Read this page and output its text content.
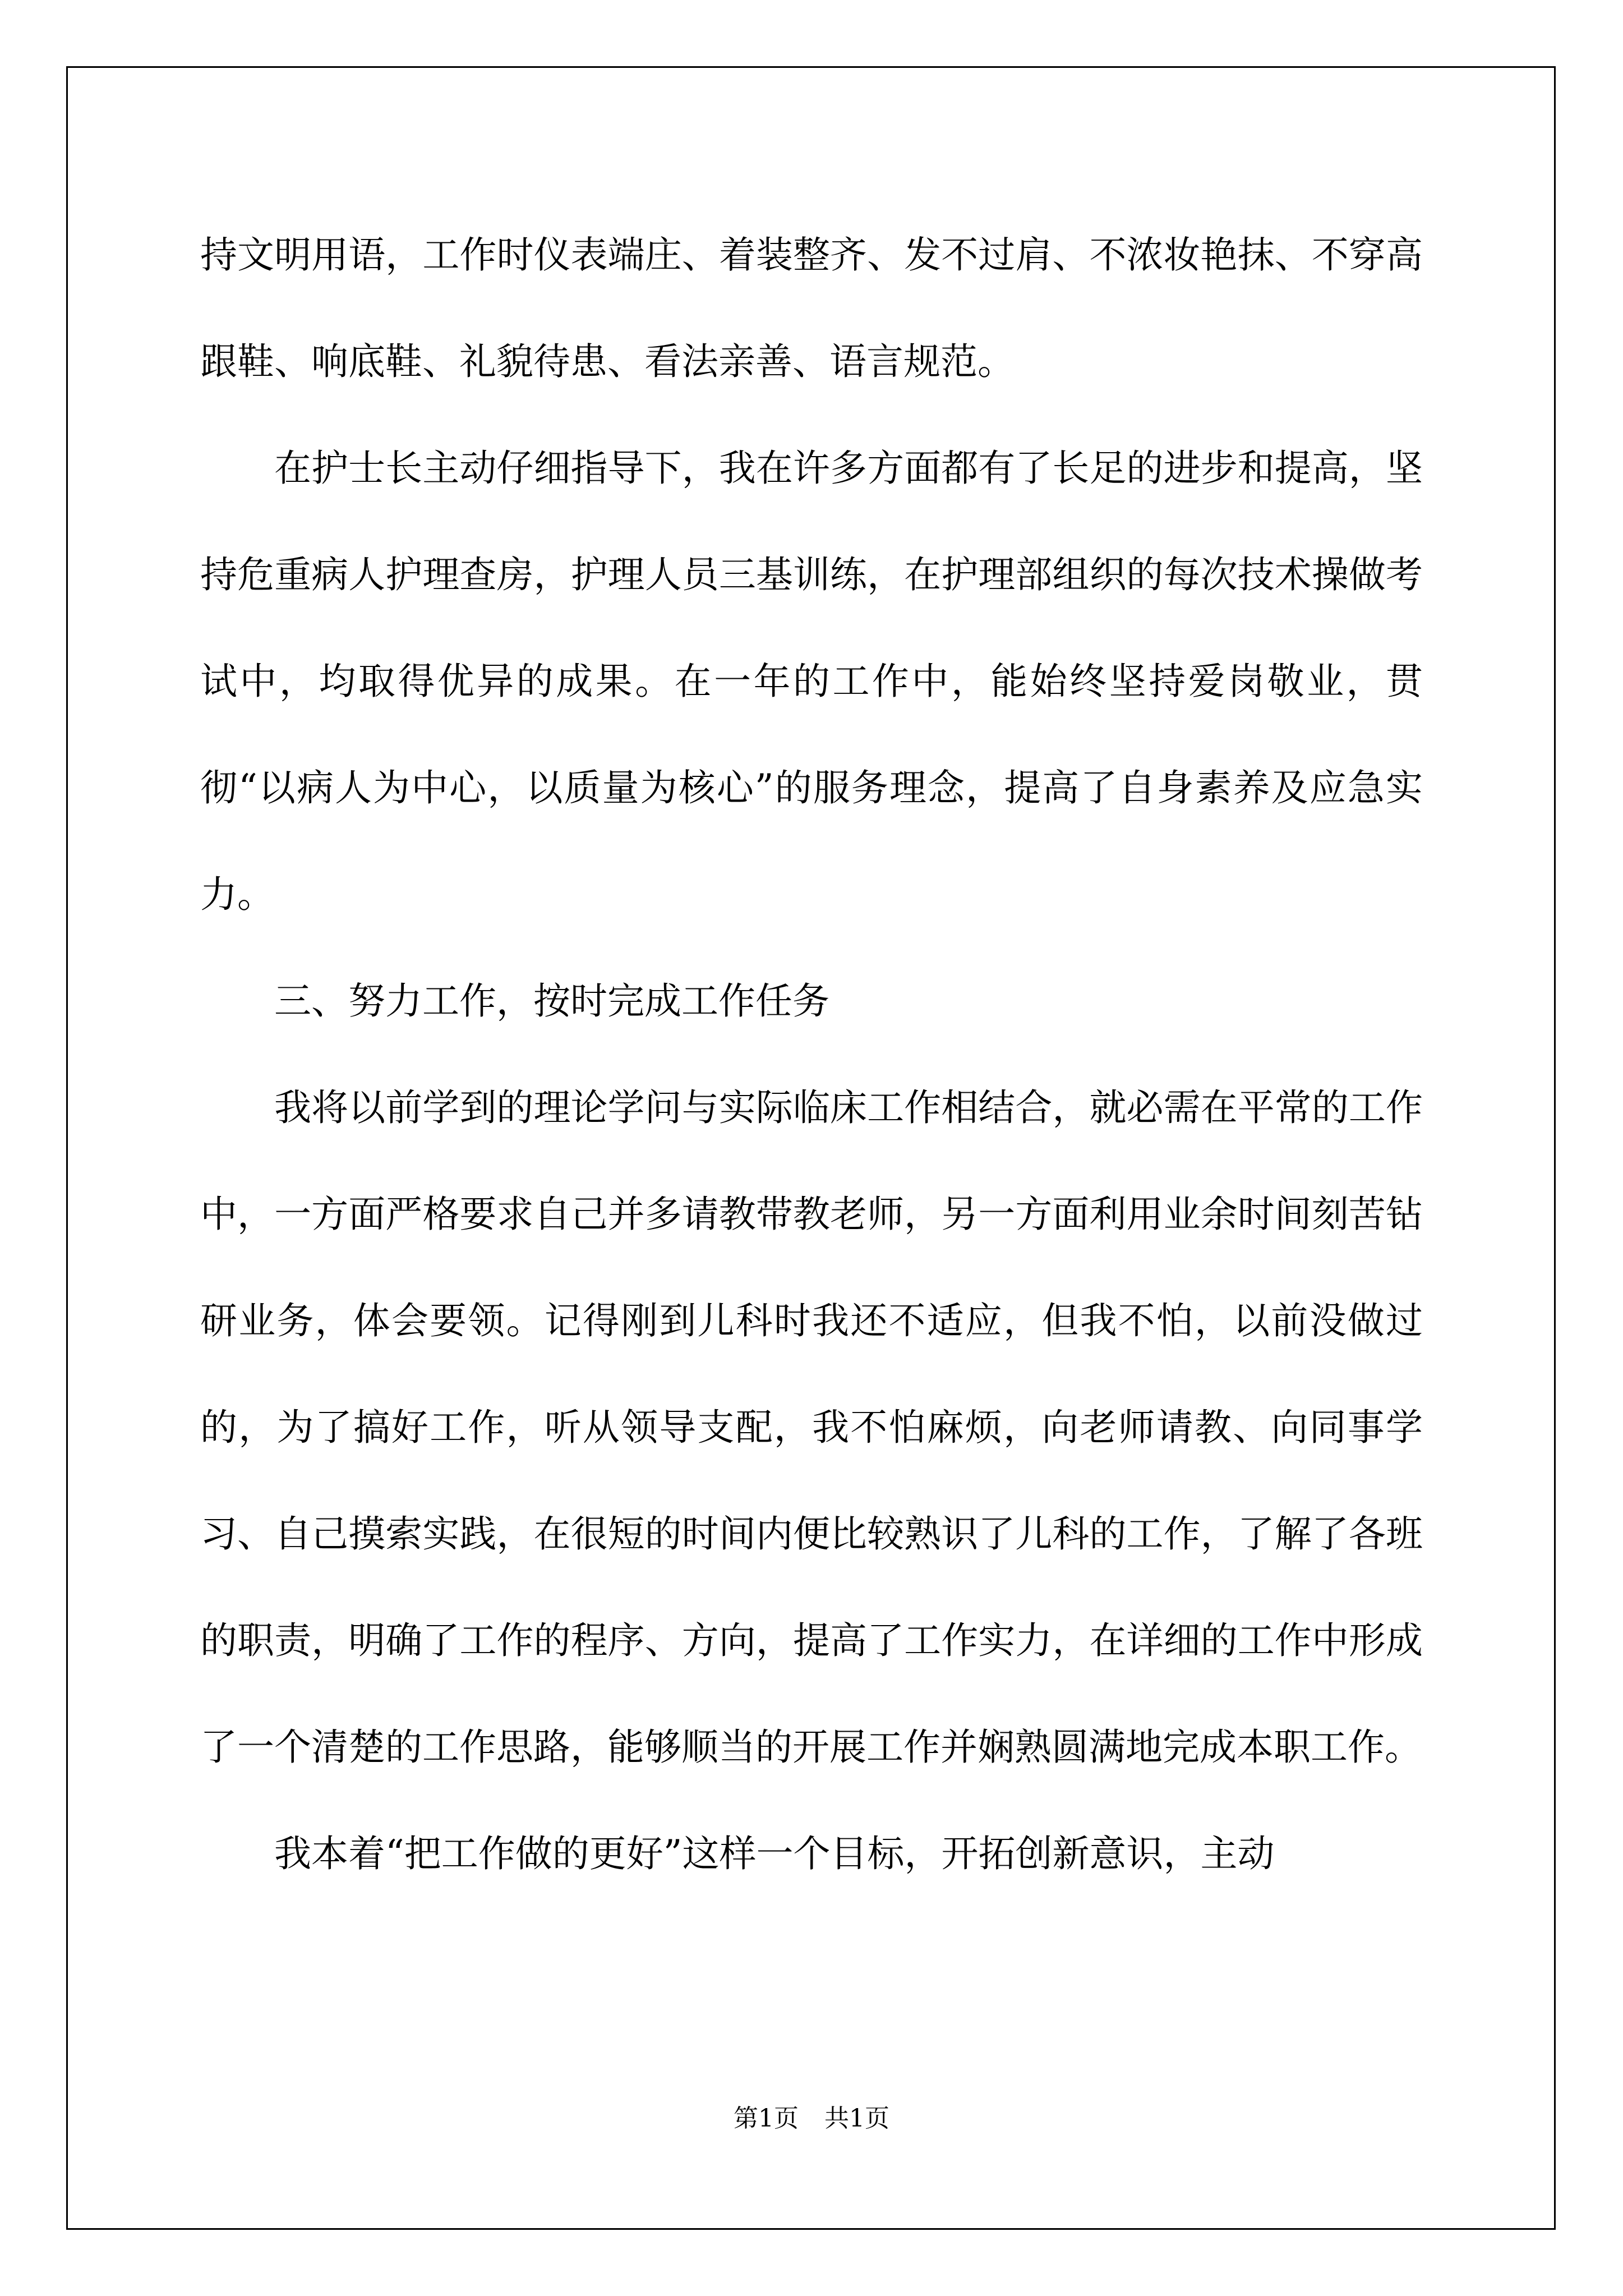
持文明用语，工作时仪表端庄、着装整齐、发不过肩、不浓妆艳抹、不穿高跟鞋、响底鞋、礼貌待患、看法亲善、语言规范。

在护士长主动仔细指导下，我在许多方面都有了长足的进步和提高，坚持危重病人护理查房，护理人员三基训练，在护理部组织的每次技术操做考试中，均取得优异的成果。在一年的工作中，能始终坚持爱岗敬业，贯彻“以病人为中心，以质量为核心”的服务理念，提高了自身素养及应急实力。

三、努力工作，按时完成工作任务

我将以前学到的理论学问与实际临床工作相结合，就必需在平常的工作中，一方面严格要求自己并多请教带教老师，另一方面利用业余时间刻苦钻研业务，体会要领。记得刚到儿科时我还不适应，但我不怕，以前没做过的，为了搞好工作，听从领导支配，我不怕麻烦，向老师请教、向同事学习、自己摸索实践，在很短的时间内便比较熟识了儿科的工作，了解了各班的职责，明确了工作的程序、方向，提高了工作实力，在详细的工作中形成了一个清楚的工作思路，能够顺当的开展工作并娴熟圆满地完成本职工作。

我本着“把工作做的更好”这样一个目标，开拓创新意识，主动

第1页 共1页
